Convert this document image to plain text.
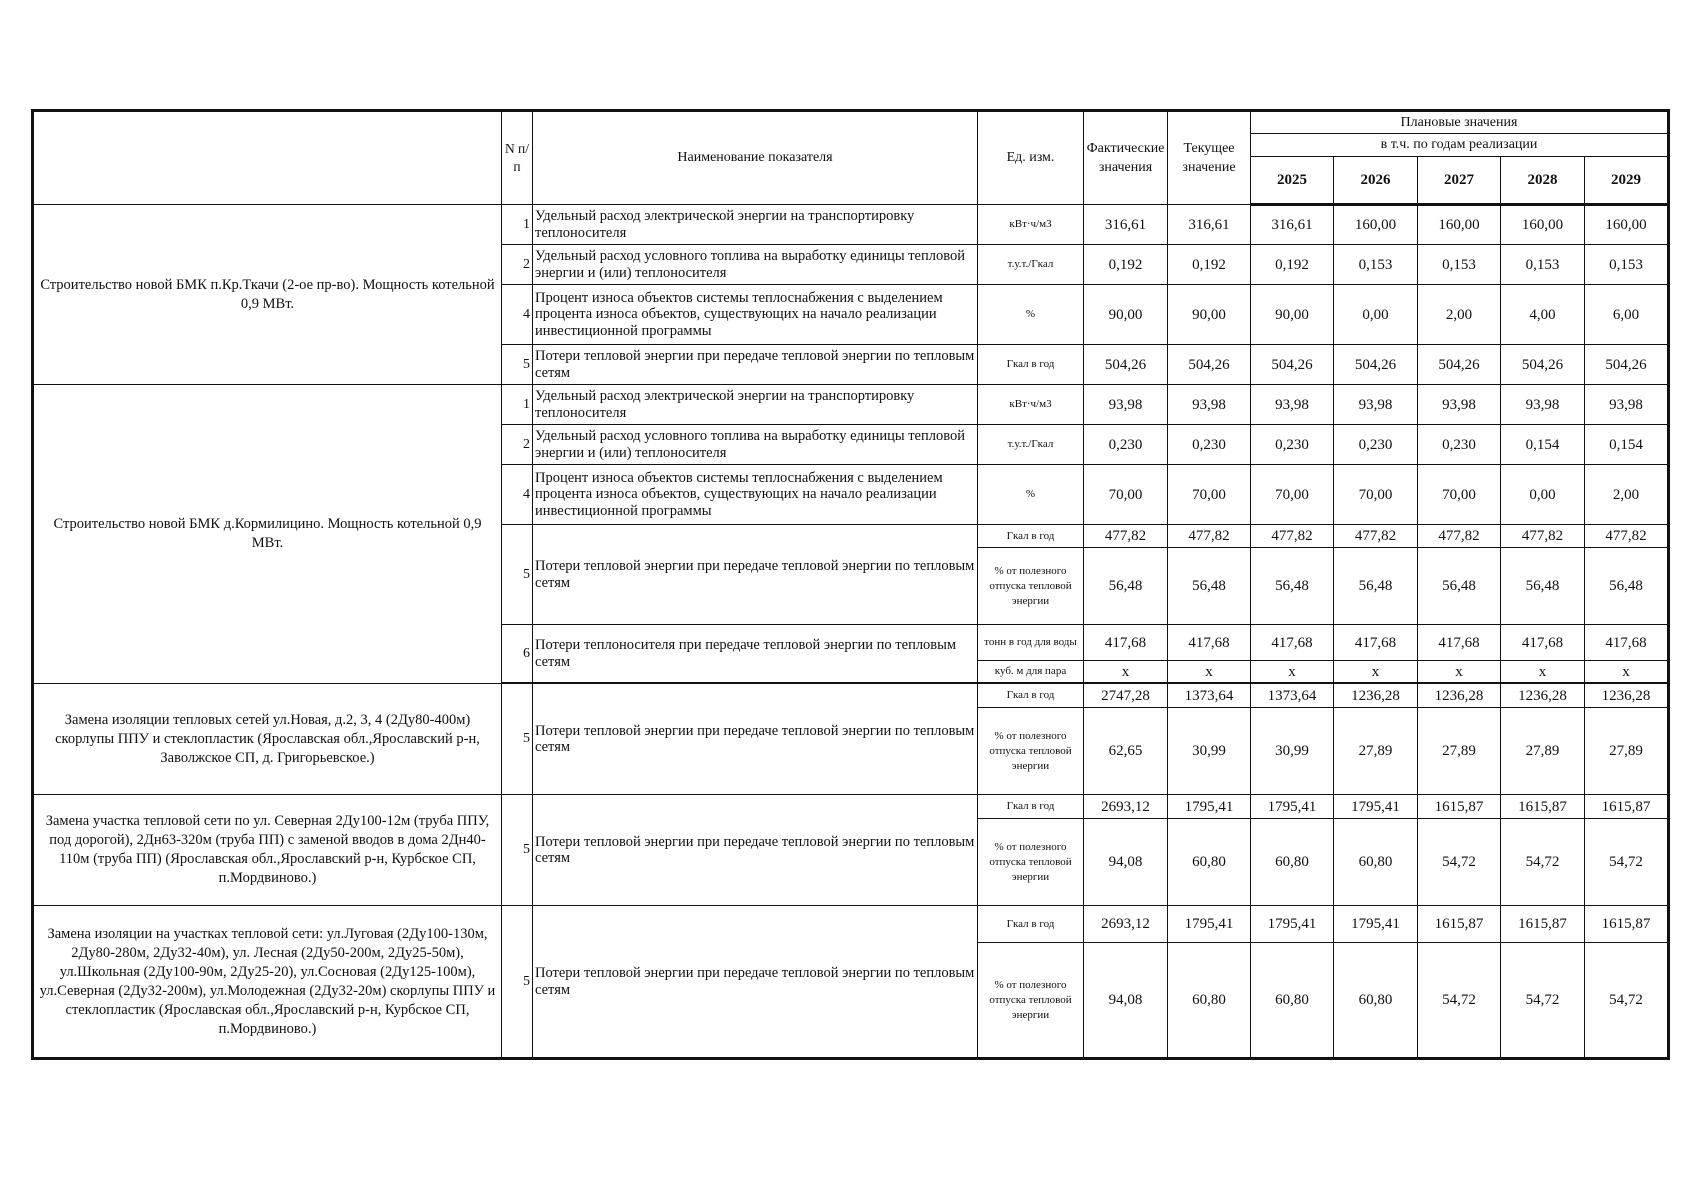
	N п/п	Наименование показателя	Ед. изм.	Фактические значения	Текущее значение	Плановые значения				
						в т.ч. по годам реализации				
						2025	2026	2027	2028	2029
Строительство новой БМК п.Кр.Ткачи (2-ое пр-во). Мощность котельной 0,9 МВт.	1	Удельный расход электрической энергии на транспортировку теплоносителя	кВт·ч/м3	316,61	316,61	316,61	160,00	160,00	160,00	160,00
	2	Удельный расход условного топлива на выработку единицы тепловой энергии и (или) теплоносителя	т.у.т./Гкал	0,192	0,192	0,192	0,153	0,153	0,153	0,153
	4	Процент износа объектов системы теплоснабжения с выделением процента износа объектов, существующих на начало реализации инвестиционной программы	%	90,00	90,00	90,00	0,00	2,00	4,00	6,00
	5	Потери тепловой энергии при передаче тепловой энергии по тепловым сетям	Гкал в год	504,26	504,26	504,26	504,26	504,26	504,26	504,26
Строительство новой БМК д.Кормилицино. Мощность котельной 0,9 МВт.	1	Удельный расход электрической энергии на транспортировку теплоносителя	кВт·ч/м3	93,98	93,98	93,98	93,98	93,98	93,98	93,98
	2	Удельный расход условного топлива на выработку единицы тепловой энергии и (или) теплоносителя	т.у.т./Гкал	0,230	0,230	0,230	0,230	0,230	0,154	0,154
	4	Процент износа объектов системы теплоснабжения с выделением процента износа объектов, существующих на начало реализации инвестиционной программы	%	70,00	70,00	70,00	70,00	70,00	0,00	2,00
	5	Потери тепловой энергии при передаче тепловой энергии по тепловым сетям	Гкал в год	477,82	477,82	477,82	477,82	477,82	477,82	477,82
			% от полезного отпуска тепловой энергии	56,48	56,48	56,48	56,48	56,48	56,48	56,48
	6	Потери теплоносителя при передаче тепловой энергии по тепловым сетям	тонн в год для воды	417,68	417,68	417,68	417,68	417,68	417,68	417,68
			куб. м для пара	х	х	х	х	х	х	х

Замена изоляции тепловых сетей ул.Новая, д.2, 3, 4 (2Ду80-400м) скорлупы ППУ и стеклопластик (Ярославская обл.,Ярославский р-н, Заволжское СП, д. Григорьевское.)	5	Потери тепловой энергии при передаче тепловой энергии по тепловым сетям	Гкал в год	2747,28	1373,64	1373,64	1236,28	1236,28	1236,28	1236,28
			% от полезного отпуска тепловой энергии	62,65	30,99	30,99	27,89	27,89	27,89	27,89
Замена участка тепловой сети по ул. Северная 2Ду100-12м (труба ППУ, под дорогой), 2Дн63-320м (труба ПП) с заменой вводов в дома 2Дн40-110м (труба ПП) (Ярославская обл.,Ярославский р-н, Курбское СП, п.Мордвиново.)	5	Потери тепловой энергии при передаче тепловой энергии по тепловым сетям	Гкал в год	2693,12	1795,41	1795,41	1795,41	1615,87	1615,87	1615,87
			% от полезного отпуска тепловой энергии	94,08	60,80	60,80	60,80	54,72	54,72	54,72
Замена изоляции на участках тепловой сети: ул.Луговая (2Ду100-130м, 2Ду80-280м, 2Ду32-40м), ул. Лесная (2Ду50-200м, 2Ду25-50м), ул.Школьная (2Ду100-90м, 2Ду25-20), ул.Сосновая (2Ду125-100м), ул.Северная (2Ду32-200м), ул.Молодежная (2Ду32-20м) скорлупы ППУ и стеклопластик (Ярославская обл.,Ярославский р-н, Курбское СП, п.Мордвиново.)	5	Потери тепловой энергии при передаче тепловой энергии по тепловым сетям	Гкал в год	2693,12	1795,41	1795,41	1795,41	1615,87	1615,87	1615,87
			% от полезного отпуска тепловой энергии	94,08	60,80	60,80	60,80	54,72	54,72	54,72
